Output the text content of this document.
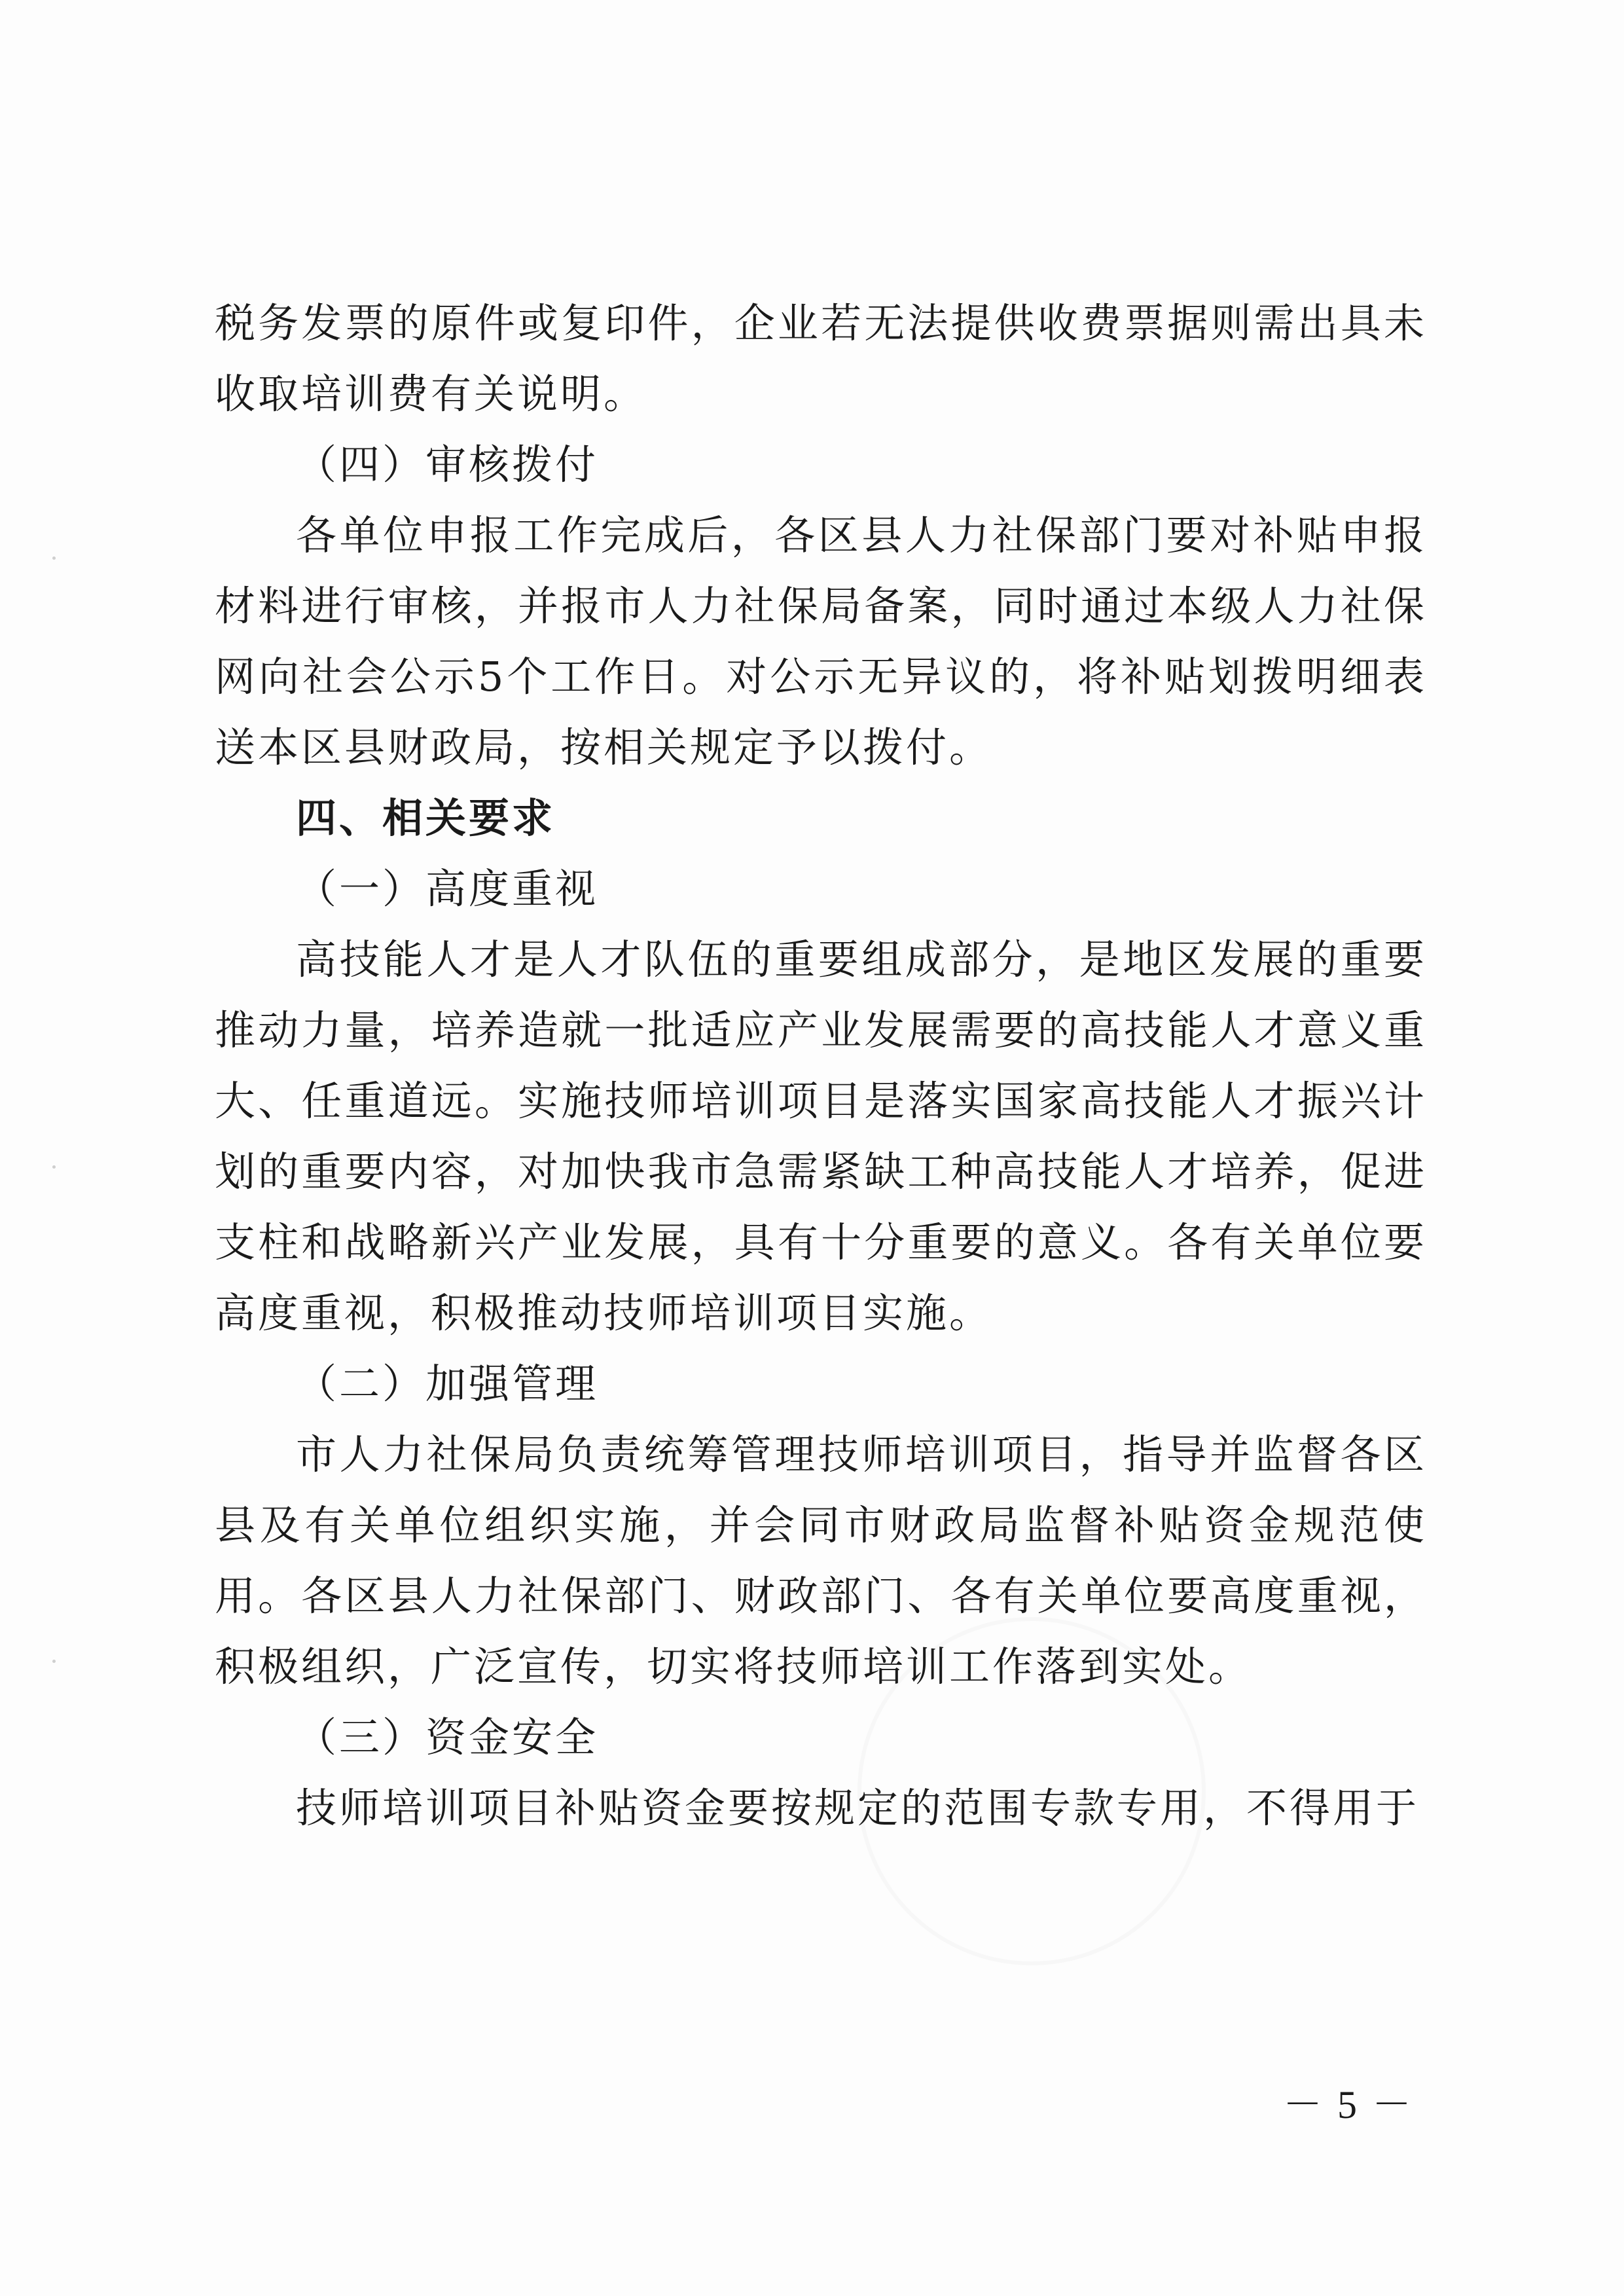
税务发票的原件或复印件，企业若无法提供收费票据则需出具未收取培训费有关说明。

（四）审核拨付

各单位申报工作完成后，各区县人力社保部门要对补贴申报材料进行审核，并报市人力社保局备案，同时通过本级人力社保网向社会公示5个工作日。对公示无异议的，将补贴划拨明细表送本区县财政局，按相关规定予以拨付。

四、相关要求

（一）高度重视

高技能人才是人才队伍的重要组成部分，是地区发展的重要推动力量，培养造就一批适应产业发展需要的高技能人才意义重大、任重道远。实施技师培训项目是落实国家高技能人才振兴计划的重要内容，对加快我市急需紧缺工种高技能人才培养，促进支柱和战略新兴产业发展，具有十分重要的意义。各有关单位要高度重视，积极推动技师培训项目实施。

（二）加强管理

市人力社保局负责统筹管理技师培训项目，指导并监督各区县及有关单位组织实施，并会同市财政局监督补贴资金规范使用。各区县人力社保部门、财政部门、各有关单位要高度重视，积极组织，广泛宣传，切实将技师培训工作落到实处。

（三）资金安全

技师培训项目补贴资金要按规定的范围专款专用，不得用于

－ 5 －
